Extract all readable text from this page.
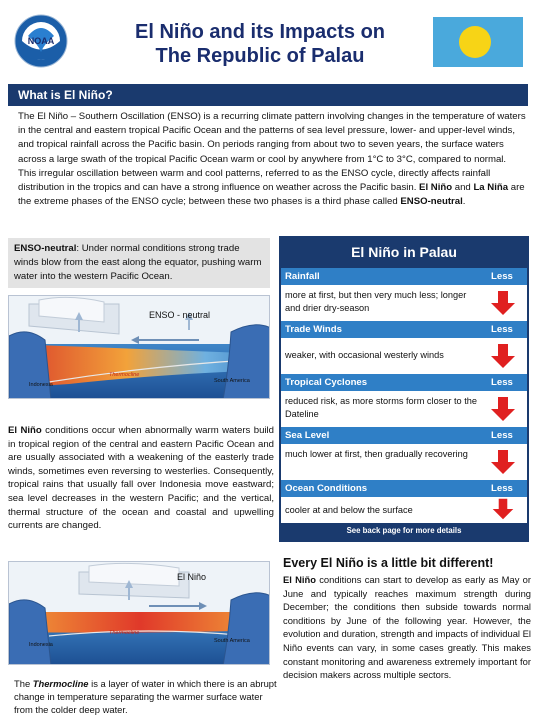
NOAA	El Niño and its Impacts on
The Republic of Palau
What is El Niño?

The El Niño – Southern Oscillation (ENSO) is a recurring climate pattern involving changes in the temperature of waters in the central and eastern tropical Pacific Ocean and the patterns of sea level pressure, lower- and upper-level winds, and tropical rainfall across the Pacific basin. On periods ranging from about two to seven years, the surface waters across a large swath of the tropical Pacific Ocean warm or cool by anywhere from 1°C to 3°C, compared to normal. This irregular oscillation between warm and cool patterns, referred to as the ENSO cycle, directly affects rainfall distribution in the tropics and can have a strong influence on weather across the Pacific basin. El Niño and La Niña are the extreme phases of the ENSO cycle; between these two phases is a third phase called ENSO-neutral.

ENSO-neutral: Under normal conditions strong trade winds blow from the east along the equator, pushing warm water into the western Pacific Ocean.
ENSO - neutral
Indonesia
South America
Thermocline

El Niño conditions occur when abnormally warm waters build in tropical region of the central and eastern Pacific Ocean and are usually associated with a weakening of the easterly trade winds, sometimes even reversing to westerlies. Consequently, tropical rains that usually fall over Indonesia move eastward; sea level decreases in the western Pacific; and the vertical, thermal structure of the ocean and coastal and upwelling currents are changed.

El Niño
Indonesia
South America
Thermocline

The Thermocline is a layer of water in which there is an abrupt change in temperature separating the warmer surface water from the colder deep water.

El Niño in Palau
Rainfall	Less
more at first, but then very much less; longer and drier dry-season
Trade Winds	Less
weaker, with occasional westerly winds
Tropical Cyclones	Less
reduced risk, as more storms form closer to the Dateline
Sea Level	Less
much lower at first, then gradually recovering
Ocean Conditions	Less
cooler at and below the surface
See back page for more details
Every El Niño is a little bit different!

El Niño conditions can start to develop as early as May or June and typically reaches maximum strength during December; the conditions then subside towards normal conditions by June of the following year. However, the evolution and duration, strength and impacts of individual El Niño events can vary, in some cases greatly. This makes constant monitoring and awareness extremely important for decision makers across multiple sectors.
